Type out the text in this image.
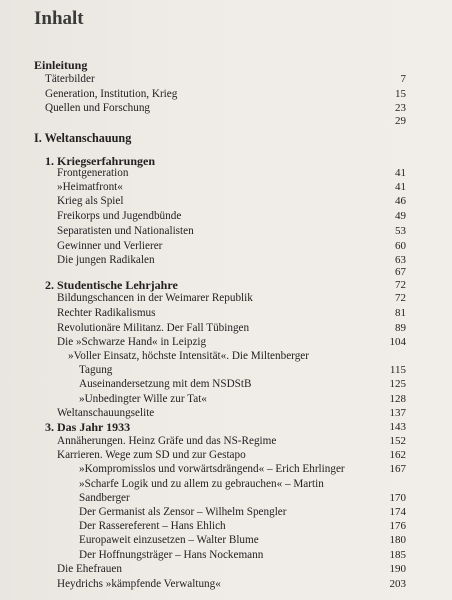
Inhalt
Einleitung
Täterbilder	7
Generation, Institution, Krieg	15
Quellen und Forschung	23
29
I. Weltanschauung
1. Kriegserfahrungen
Frontgeneration	41
»Heimatfront«	41
Krieg als Spiel	46
Freikorps und Jugendbünde	49
Separatisten und Nationalisten	53
Gewinner und Verlierer	60
Die jungen Radikalen	63
67
2. Studentische Lehrjahre	72
Bildungschancen in der Weimarer Republik	72
Rechter Radikalismus	81
Revolutionäre Militanz. Der Fall Tübingen	89
Die »Schwarze Hand« in Leipzig	104
»Voller Einsatz, höchste Intensität«. Die Miltenberger
Tagung	115
Auseinandersetzung mit dem NSDStB	125
»Unbedingter Wille zur Tat«	128
Weltanschauungselite	137
3. Das Jahr 1933	143
Annäherungen. Heinz Gräfe und das NS-Regime	152
Karrieren. Wege zum SD und zur Gestapo	162
»Kompromisslos und vorwärtsdrängend« – Erich Ehrlinger	167
»Scharfe Logik und zu allem zu gebrauchen« – Martin
Sandberger	170
Der Germanist als Zensor – Wilhelm Spengler	174
Der Rassereferent – Hans Ehlich	176
Europaweit einzusetzen – Walter Blume	180
Der Hoffnungsträger – Hans Nockemann	185
Die Ehefrauen	190
Heydrichs »kämpfende Verwaltung«	203
